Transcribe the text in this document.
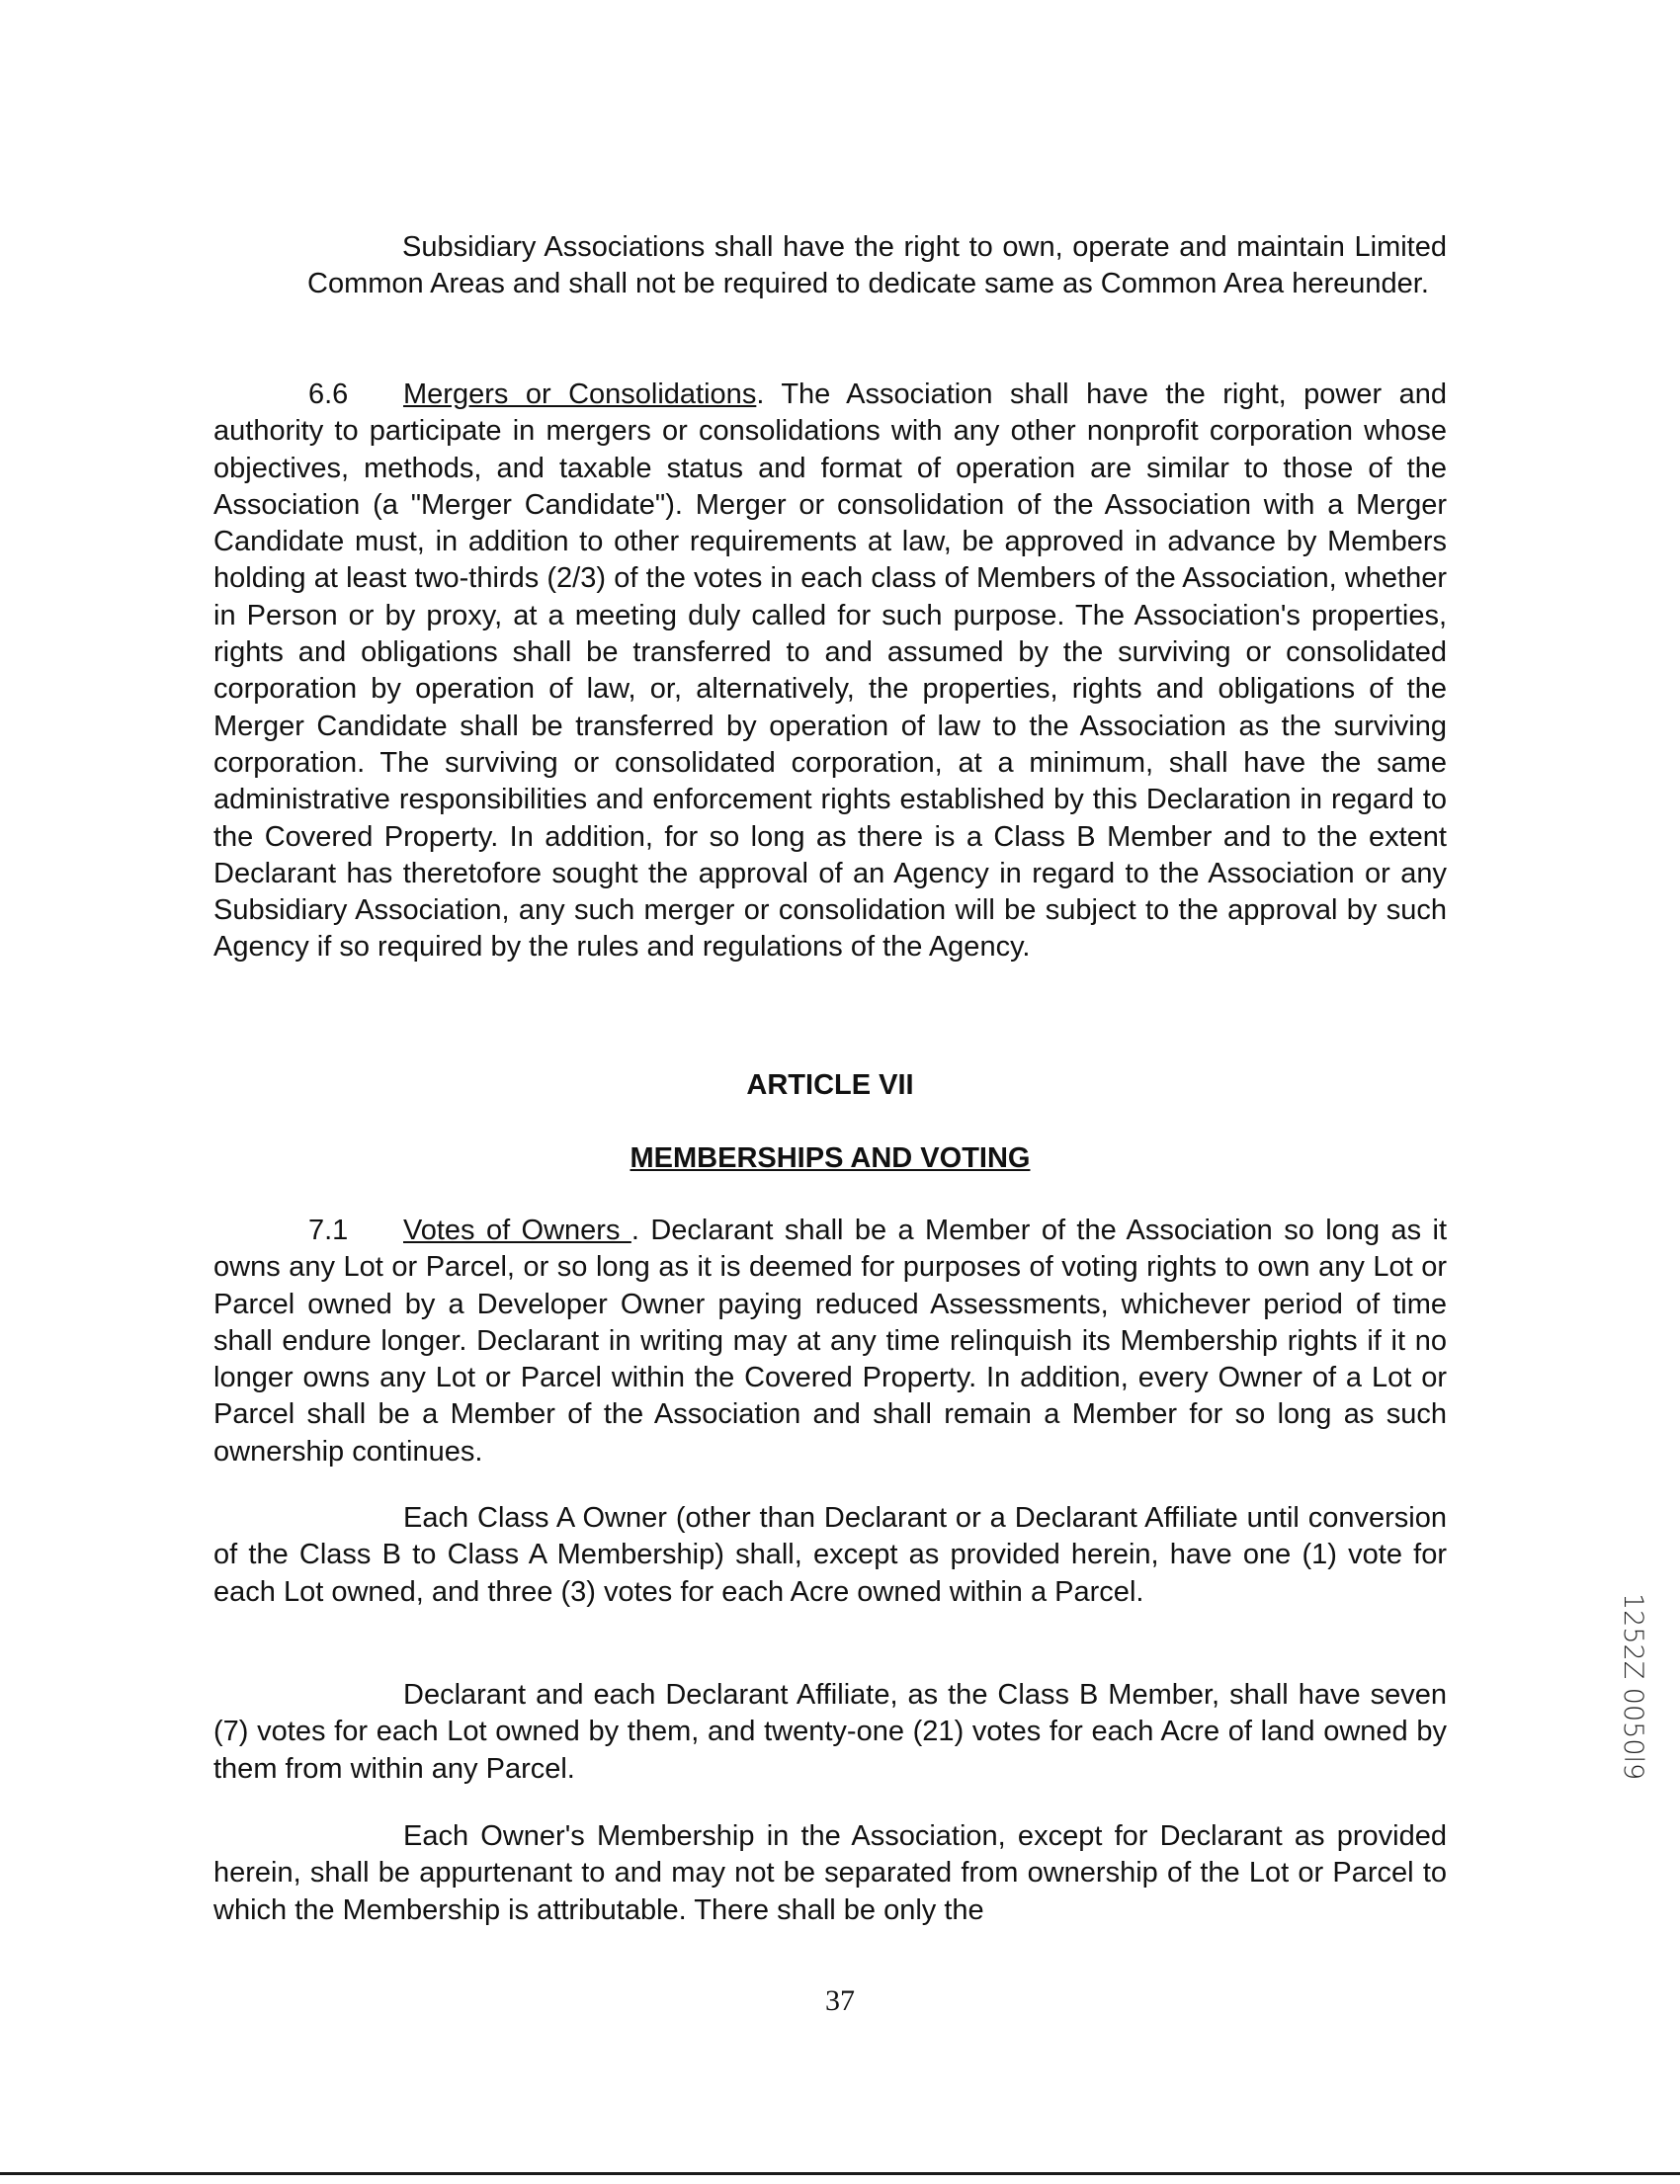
Subsidiary Associations shall have the right to own, operate and maintain Limited Common Areas and shall not be required to dedicate same as Common Area hereunder.

6.6 Mergers or Consolidations. The Association shall have the right, power and authority to participate in mergers or consolidations with any other nonprofit corporation whose objectives, methods, and taxable status and format of operation are similar to those of the Association (a "Merger Candidate"). Merger or consolidation of the Association with a Merger Candidate must, in addition to other requirements at law, be approved in advance by Members holding at least two-thirds (2/3) of the votes in each class of Members of the Association, whether in Person or by proxy, at a meeting duly called for such purpose. The Association's properties, rights and obligations shall be transferred to and assumed by the surviving or consolidated corporation by operation of law, or, alternatively, the properties, rights and obligations of the Merger Candidate shall be transferred by operation of law to the Association as the surviving corporation. The surviving or consolidated corporation, at a minimum, shall have the same administrative responsibilities and enforcement rights established by this Declaration in regard to the Covered Property. In addition, for so long as there is a Class B Member and to the extent Declarant has theretofore sought the approval of an Agency in regard to the Association or any Subsidiary Association, any such merger or consolidation will be subject to the approval by such Agency if so required by the rules and regulations of the Agency.

ARTICLE VII

MEMBERSHIPS AND VOTING

7.1 Votes of Owners . Declarant shall be a Member of the Association so long as it owns any Lot or Parcel, or so long as it is deemed for purposes of voting rights to own any Lot or Parcel owned by a Developer Owner paying reduced Assessments, whichever period of time shall endure longer. Declarant in writing may at any time relinquish its Membership rights if it no longer owns any Lot or Parcel within the Covered Property. In addition, every Owner of a Lot or Parcel shall be a Member of the Association and shall remain a Member for so long as such ownership continues.

Each Class A Owner (other than Declarant or a Declarant Affiliate until conversion of the Class B to Class A Membership) shall, except as provided herein, have one (1) vote for each Lot owned, and three (3) votes for each Acre owned within a Parcel.

Declarant and each Declarant Affiliate, as the Class B Member, shall have seven (7) votes for each Lot owned by them, and twenty-one (21) votes for each Acre of land owned by them from within any Parcel.

Each Owner's Membership in the Association, except for Declarant as provided herein, shall be appurtenant to and may not be separated from ownership of the Lot or Parcel to which the Membership is attributable. There shall be only the

37

1252Z 0050l9
